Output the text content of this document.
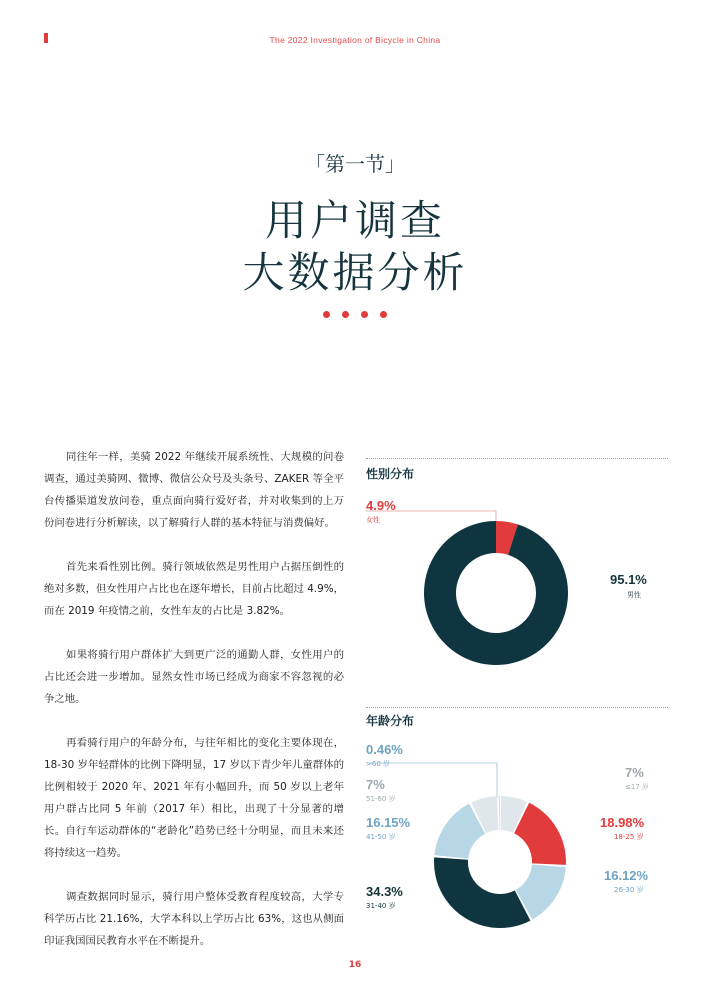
The 2022 Investigation of Bicycle in China
「第一节」
用户调查
大数据分析

同往年一样，美骑 2022 年继续开展系统性、大规模的问卷调查，通过美骑网、微博、微信公众号及头条号、ZAKER 等全平台传播渠道发放问卷，重点面向骑行爱好者，并对收集到的上万份问卷进行分析解读，以了解骑行人群的基本特征与消费偏好。

首先来看性别比例。骑行领域依然是男性用户占据压倒性的绝对多数，但女性用户占比也在逐年增长，目前占比超过 4.9%，而在 2019 年疫情之前，女性车友的占比是 3.82%。

如果将骑行用户群体扩大到更广泛的通勤人群，女性用户的占比还会进一步增加。显然女性市场已经成为商家不容忽视的必争之地。

再看骑行用户的年龄分布，与往年相比的变化主要体现在，18-30 岁年轻群体的比例下降明显，17 岁以下青少年儿童群体的比例相较于 2020 年、2021 年有小幅回升，而 50 岁以上老年用户群占比同 5 年前（2017 年）相比，出现了十分显著的增长。自行车运动群体的“老龄化”趋势已经十分明显，而且未来还将持续这一趋势。

调查数据同时显示，骑行用户整体受教育程度较高，大学专科学历占比 21.16%，大学本科以上学历占比 63%，这也从侧面印证我国国民教育水平在不断提升。

性别分布
4.9%
女性
95.1%
男性
年龄分布
0.46%
>60 岁
7%
51-60 岁
16.15%
41-50 岁
34.3%
31-40 岁
7%
≤17 岁
18.98%
18-25 岁
16.12%
26-30 岁
16
